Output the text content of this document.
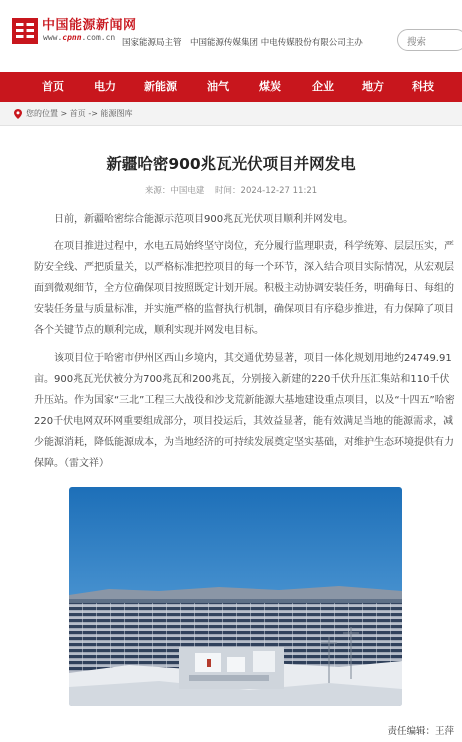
中国能源新闻网
www.cpnn.com.cn
国家能源局主管　中国能源传媒集团 中电传媒股份有限公司主办
搜索
首页	电力	新能源	油气	煤炭	企业	地方	科技
您的位置 > 首页 -> 能源图库
新疆哈密900兆瓦光伏项目并网发电
来源：中国电建 时间：2024-12-27 11:21
日前，新疆哈密综合能源示范项目900兆瓦光伏项目顺利并网发电。
在项目推进过程中，水电五局始终坚守岗位，充分履行监理职责，科学统筹、层层压实，严防安全线、严把质量关，以严格标准把控项目的每一个环节，深入结合项目实际情况，从宏观层面到微观细节，全方位确保项目按照既定计划开展。积极主动协调安装任务，明确每日、每组的安装任务量与质量标准，并实施严格的监督执行机制，确保项目有序稳步推进，有力保障了项目各个关键节点的顺利完成，顺利实现并网发电目标。
该项目位于哈密市伊州区西山乡境内，其交通优势显著，项目一体化规划用地约24749.91亩。900兆瓦光伏被分为700兆瓦和200兆瓦，分别接入新建的220千伏升压汇集站和110千伏升压站。作为国家“三北”工程三大战役和沙戈荒新能源大基地建设重点项目，以及“十四五”哈密220千伏电网双环网重要组成部分，项目投运后，其效益显著，能有效满足当地的能源需求，减少能源消耗，降低能源成本，为当地经济的可持续发展奠定坚实基础，对维护生态环境提供有力保障。（雷文祥）
责任编辑：王萍
